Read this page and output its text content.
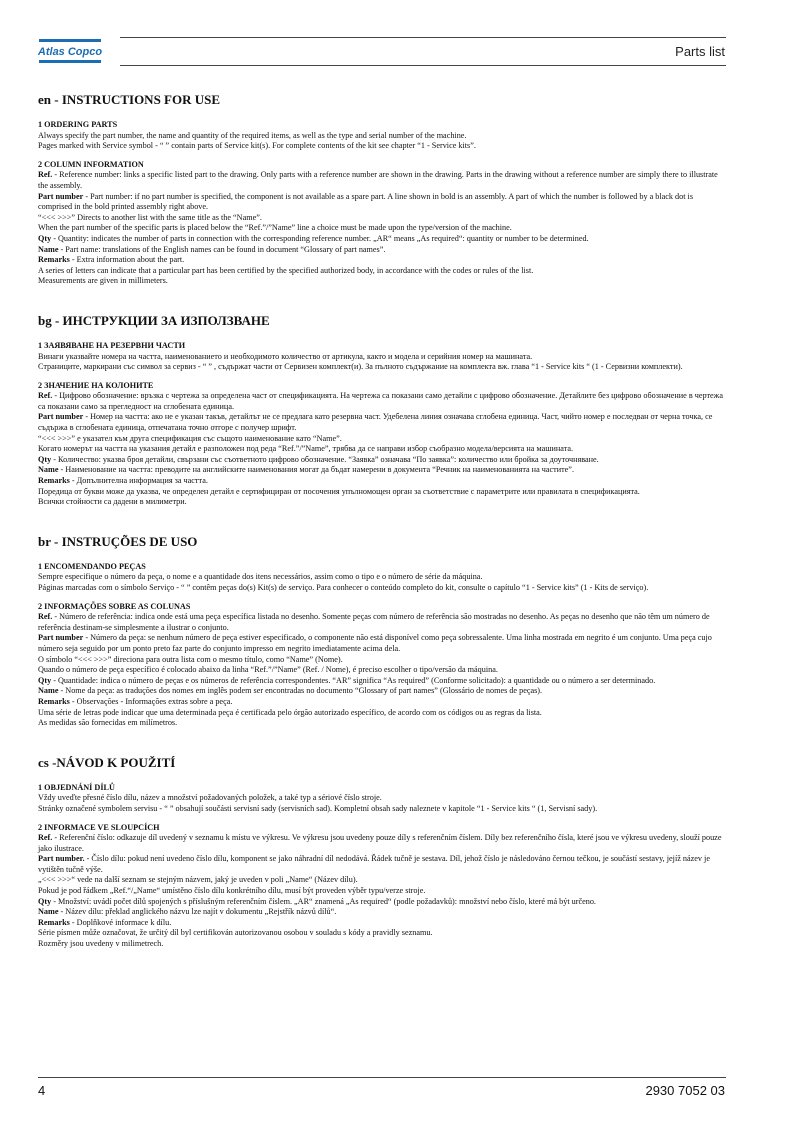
Atlas Copco	Parts list
en - INSTRUCTIONS FOR USE
1 ORDERING PARTS
Always specify the part number, the name and quantity of the required items, as well as the type and serial number of the machine.
Pages marked with Service symbol - “ ” contain parts of Service kit(s). For complete contents of the kit see chapter “1 - Service kits”.
2 COLUMN INFORMATION
Ref. - Reference number: links a specific listed part to the drawing. Only parts with a reference number are shown in the drawing. Parts in the drawing without a reference number are simply there to illustrate the assembly.
Part number - Part number: if no part number is specified, the component is not available as a spare part. A line shown in bold is an assembly. A part of which the number is followed by a black dot is comprised in the bold printed assembly right above.
“<<< >>>” Directs to another list with the same title as the “Name”.
When the part number of the specific parts is placed below the “Ref.”/”Name” line a choice must be made upon the type/version of the machine.
Qty - Quantity: indicates the number of parts in connection with the corresponding reference number. „AR“ means „As required“: quantity or number to be determined.
Name - Part name: translations of the English names can be found in document “Glossary of part names”.
Remarks - Extra information about the part.
A series of letters can indicate that a particular part has been certified by the specified authorized body, in accordance with the codes or rules of the list.
Measurements are given in millimeters.
bg - ИНСТРУКЦИИ ЗА ИЗПОЛЗВАНЕ
1 ЗАЯВЯВАНЕ НА РЕЗЕРВНИ ЧАСТИ
Винаги указвайте номера на частта, наименованието и необходимото количество от артикула, както и модела и серийния номер на машината.
Страниците, маркирани със символ за сервиз - “ ” , съдържат части от Сервизен комплект(и). За пълното съдържание на комплекта вж. глава “1 - Service kits “ (1 - Сервизни комплекти).
2 ЗНАЧЕНИЕ НА КОЛОНИТЕ
Ref. - Цифрово обозначение: връзка с чертежа за определена част от спецификацията. На чертежа са показани само детайли с цифрово обозначение. Детайлите без цифрово обозначение в чертежа са показани само за прегледност на сглобената единица.
Part number - Номер на частта: ако не е указан такъв, детайлът не се предлага като резервна част. Удебелена линия означава сглобена единица. Част, чийто номер е последван от черна точка, се съдържа в сглобената единица, отпечатана точно отгоре с получер шрифт.
“<<< >>>” е указател към друга спецификация със същото наименование като “Name”.
Когато номерът на частта на указания детайл е разположен под реда “Ref.”/”Name”, трябва да се направи избор съобразно модела/версията на машината.
Qty - Количество: указва броя детайли, свързани със съответното цифрово обозначение. “Заявка” означава “По заявка”: количество или бройка за доуточняване.
Name - Наименование на частта: преводите на английските наименования могат да бъдат намерени в документа “Речник на наименованията на частите”.
Remarks - Допълнителна информация за частта.
Поредица от букви може да указва, че определен детайл е сертифициран от посочения упълномощен орган за съответствие с параметрите или правилата в спецификацията.
Всички стойности са дадени в милиметри.
br - INSTRUÇÕES DE USO
1 ENCOMENDANDO PEÇAS
Sempre especifique o número da peça, o nome e a quantidade dos itens necessários, assim como o tipo e o número de série da máquina.
Páginas marcadas com o símbolo Serviço - “ ” contêm peças do(s) Kit(s) de serviço. Para conhecer o conteúdo completo do kit, consulte o capítulo “1 - Service kits” (1 - Kits de serviço).
2 INFORMAÇÕES SOBRE AS COLUNAS
Ref. - Número de referência: indica onde está uma peça específica listada no desenho. Somente peças com número de referência são mostradas no desenho. As peças no desenho que não têm um número de referência destinam-se simplesmente a ilustrar o conjunto.
Part number - Número da peça: se nenhum número de peça estiver especificado, o componente não está disponível como peça sobressalente. Uma linha mostrada em negrito é um conjunto. Uma peça cujo número seja seguido por um ponto preto faz parte do conjunto impresso em negrito imediatamente acima dela.
O símbolo “<<< >>>” direciona para outra lista com o mesmo título, como “Name” (Nome).
Quando o número de peça específico é colocado abaixo da linha “Ref.”/”Name” (Ref. / Nome), é preciso escolher o tipo/versão da máquina.
Qty - Quantidade: indica o número de peças e os números de referência correspondentes. “AR” significa “As required” (Conforme solicitado): a quantidade ou o número a ser determinado.
Name - Nome da peça: as traduções dos nomes em inglês podem ser encontradas no documento “Glossary of part names” (Glossário de nomes de peças).
Remarks - Observações - Informações extras sobre a peça.
Uma série de letras pode indicar que uma determinada peça é certificada pelo órgão autorizado específico, de acordo com os códigos ou as regras da lista.
As medidas são fornecidas em milímetros.
cs -NÁVOD K POUŽITÍ
1 OBJEDNÁNÍ DÍLŮ
Vždy uveďte přesné číslo dílu, název a množství požadovaných položek, a také typ a sériové číslo stroje.
Stránky označené symbolem servisu - “ ” obsahují součásti servisní sady (servisních sad). Kompletní obsah sady naleznete v kapitole “1 - Service kits “ (1, Servisní sady).
2 INFORMACE VE SLOUPCÍCH
Ref. - Referenční číslo: odkazuje díl uvedený v seznamu k místu ve výkresu. Ve výkresu jsou uvedeny pouze díly s referenčním číslem. Díly bez referenčního čísla, které jsou ve výkresu uvedeny, slouží pouze jako ilustrace.
Part number. - Číslo dílu: pokud není uvedeno číslo dílu, komponent se jako náhradní díl nedodává. Řádek tučně je sestava. Díl, jehož číslo je následováno černou tečkou, je součástí sestavy, jejíž název je vytištěn tučně výše.
„<<< >>>“ vede na další seznam se stejným názvem, jaký je uveden v poli „Name“ (Název dílu).
Pokud je pod řádkem „Ref.“/„Name“ umístěno číslo dílu konkrétního dílu, musí být proveden výběr typu/verze stroje.
Qty - Množství: uvádí počet dílů spojených s příslušným referenčním číslem. „AR“ znamená „As required“ (podle požadavků): množství nebo číslo, které má být určeno.
Name - Název dílu: překlad anglického názvu lze najít v dokumentu „Rejstřík názvů dílů“.
Remarks - Doplňkové informace k dílu.
Série písmen může označovat, že určitý díl byl certifikován autorizovanou osobou v souladu s kódy a pravidly seznamu.
Rozměry jsou uvedeny v milimetrech.
4	2930 7052 03
